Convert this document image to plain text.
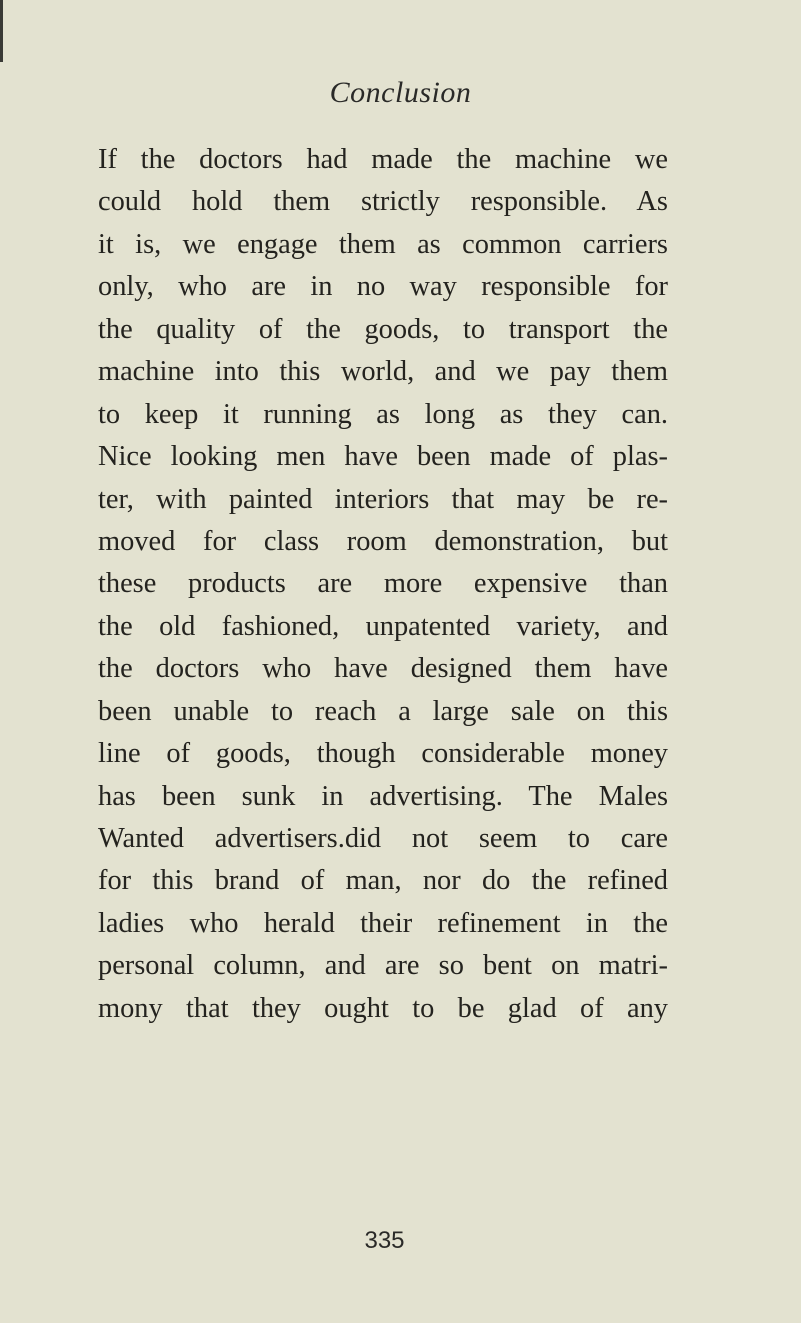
Conclusion
If the doctors had made the machine we
could hold them strictly responsible. As
it is, we engage them as common carriers
only, who are in no way responsible for
the quality of the goods, to transport the
machine into this world, and we pay them
to keep it running as long as they can.
Nice looking men have been made of plas-
ter, with painted interiors that may be re-
moved for class room demonstration, but
these products are more expensive than
the old fashioned, unpatented variety, and
the doctors who have designed them have
been unable to reach a large sale on this
line of goods, though considerable money
has been sunk in advertising. The Males
Wanted advertisers.did not seem to care
for this brand of man, nor do the refined
ladies who herald their refinement in the
personal column, and are so bent on matri-
mony that they ought to be glad of any
335
